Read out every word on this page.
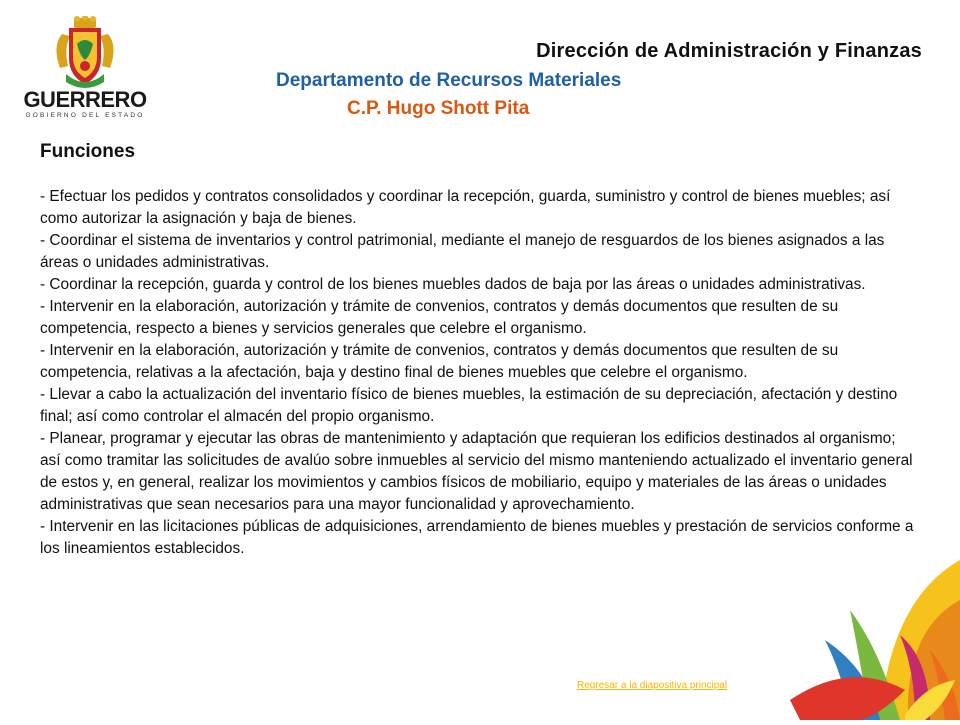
GUERRERO
GOBIERNO DEL ESTADO
Dirección de Administración y Finanzas
Departamento de Recursos Materiales
C.P. Hugo Shott Pita
Funciones

- Efectuar los pedidos y contratos consolidados y coordinar la recepción, guarda, suministro y control de bienes muebles; así como autorizar la asignación y baja de bienes.

- Coordinar el sistema de inventarios y control patrimonial, mediante el manejo de resguardos de los bienes asignados a las áreas o unidades administrativas.

- Coordinar la recepción, guarda y control de los bienes muebles dados de baja por las áreas o unidades administrativas.

- Intervenir en la elaboración, autorización y trámite de convenios, contratos y demás documentos que resulten de su competencia, respecto a bienes y servicios generales que celebre el organismo.

- Intervenir en la elaboración, autorización y trámite de convenios, contratos y demás documentos que resulten de su competencia, relativas a la afectación, baja y destino final de bienes muebles que celebre el organismo.

- Llevar a cabo la actualización del inventario físico de bienes muebles, la estimación de su depreciación, afectación y destino final; así como controlar el almacén del propio organismo.

- Planear, programar y ejecutar las obras de mantenimiento y adaptación que requieran los edificios destinados al organismo; así como tramitar las solicitudes de avalúo sobre inmuebles al servicio del mismo manteniendo actualizado el inventario general de estos y, en general, realizar los movimientos y cambios físicos de mobiliario, equipo y materiales de las áreas o unidades administrativas que sean necesarios para una mayor funcionalidad y aprovechamiento.

- Intervenir en las licitaciones públicas de adquisiciones, arrendamiento de bienes muebles y prestación de servicios conforme a los lineamientos establecidos.

Regresar a la diapositiva principal
